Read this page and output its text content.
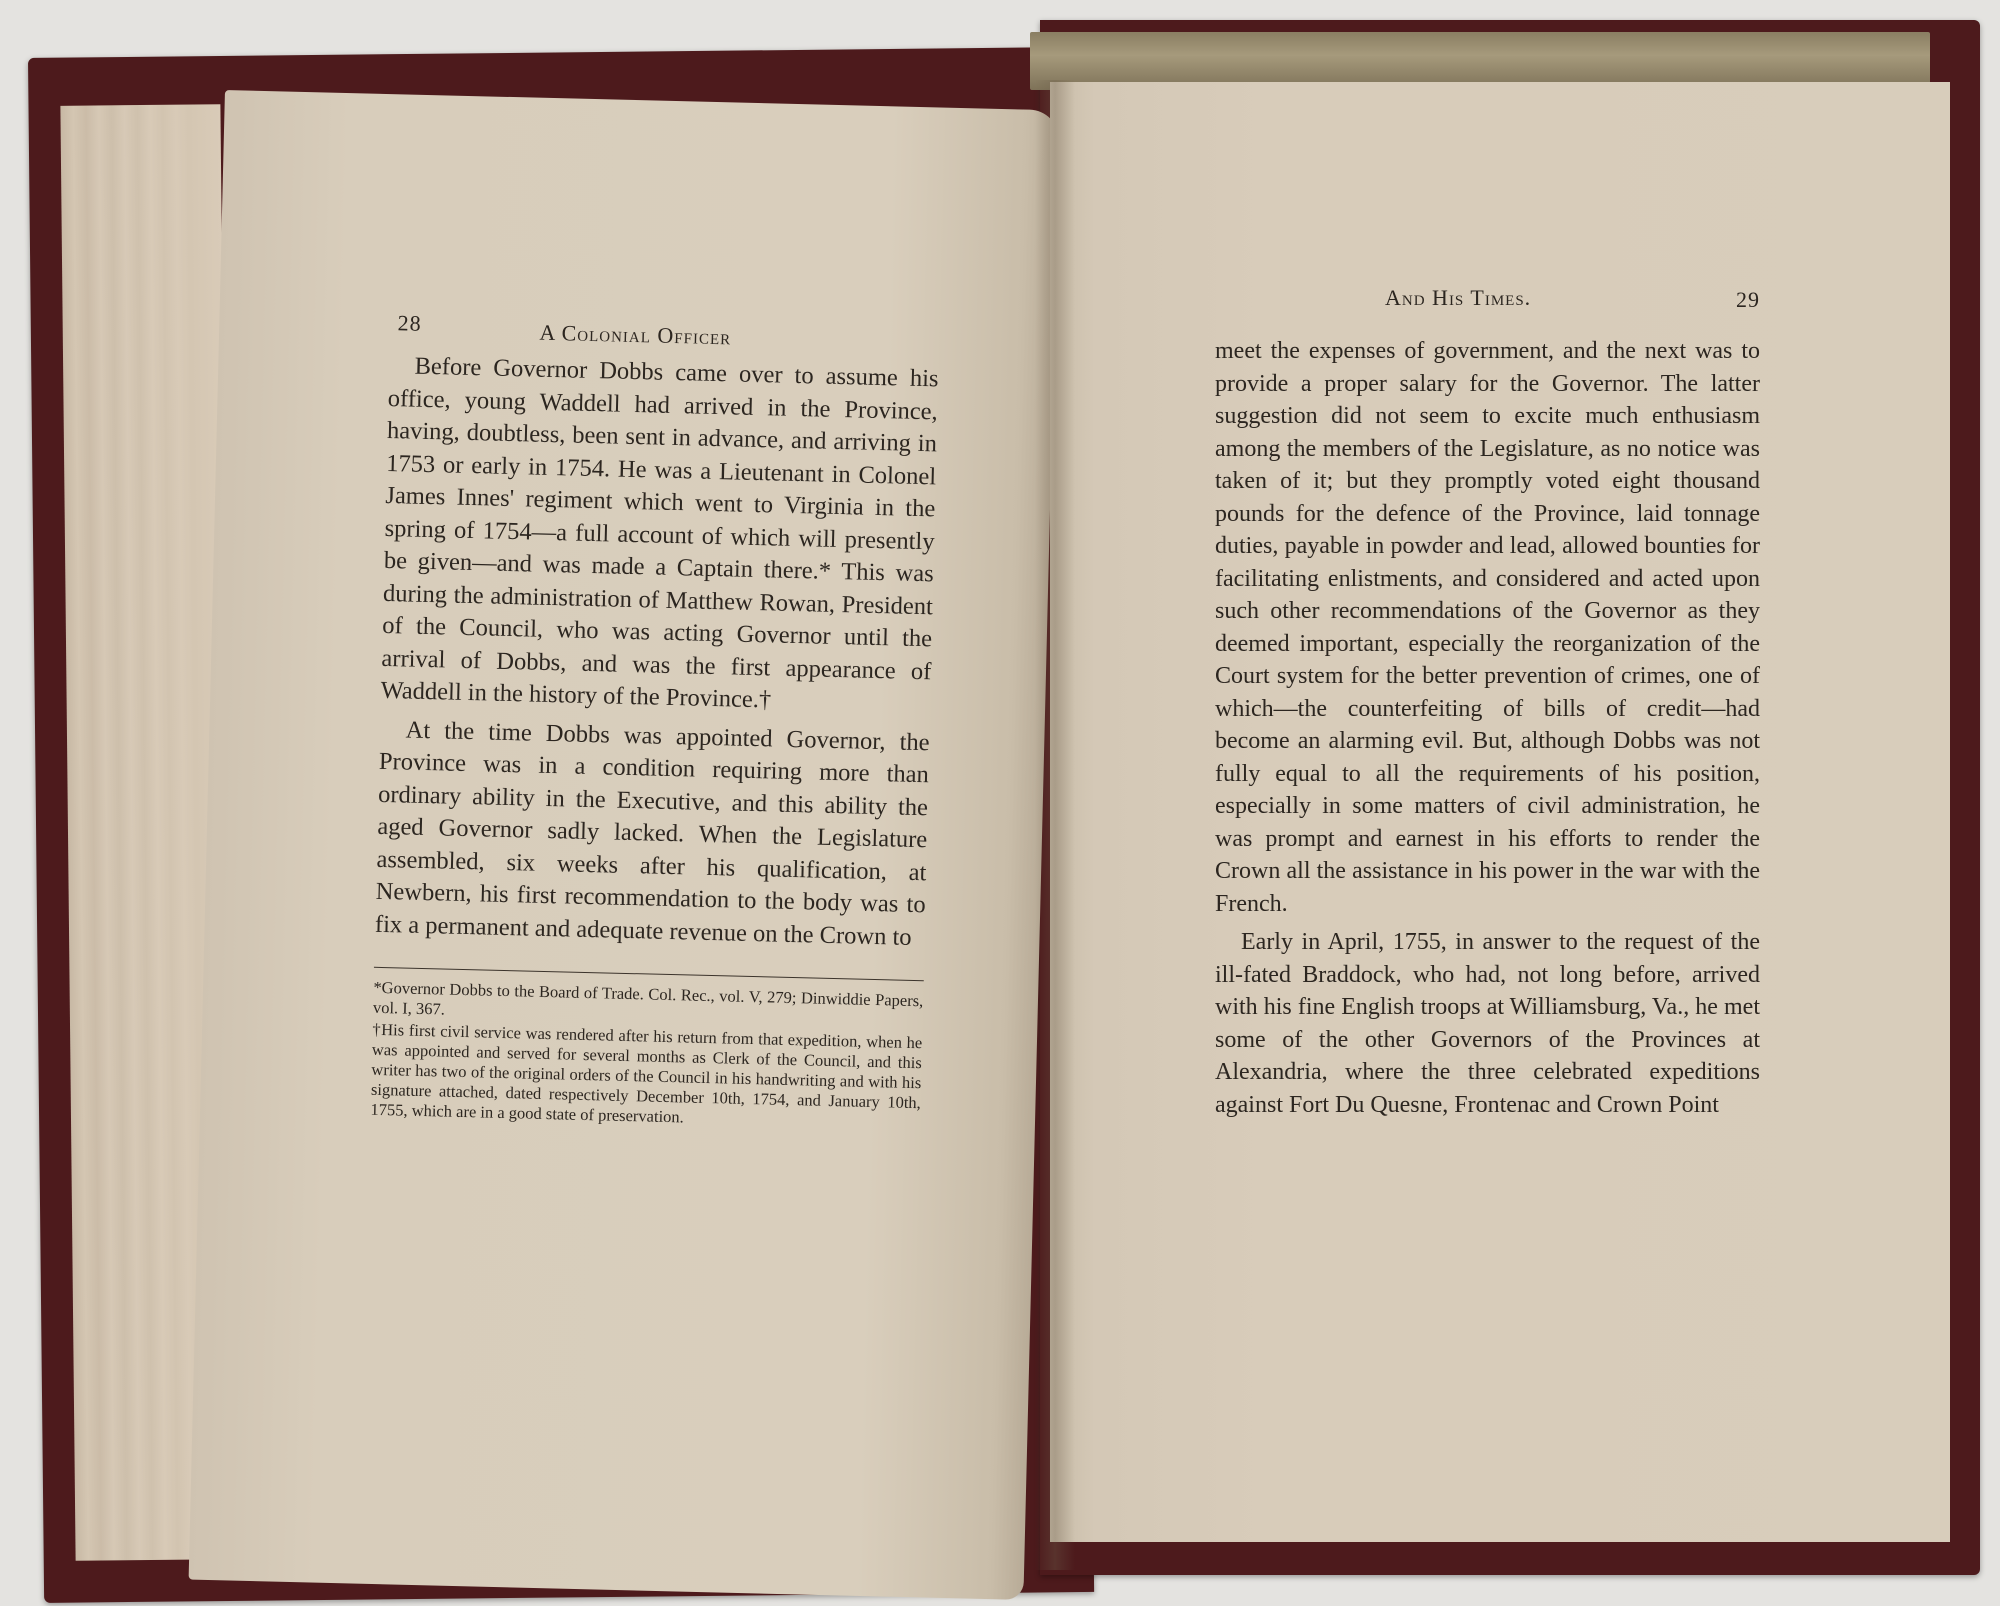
28	A Colonial Officer

Before Governor Dobbs came over to assume his office, young Waddell had arrived in the Province, having, doubtless, been sent in advance, and arriving in 1753 or early in 1754. He was a Lieutenant in Colonel James Innes' regiment which went to Virginia in the spring of 1754—a full account of which will presently be given—and was made a Captain there.* This was during the administration of Matthew Rowan, President of the Council, who was acting Governor until the arrival of Dobbs, and was the first appearance of Waddell in the history of the Province.†

At the time Dobbs was appointed Governor, the Province was in a condition requiring more than ordinary ability in the Executive, and this ability the aged Governor sadly lacked. When the Legislature assembled, six weeks after his qualification, at Newbern, his first recommendation to the body was to fix a permanent and adequate revenue on the Crown to

*Governor Dobbs to the Board of Trade. Col. Rec., vol. V, 279; Dinwiddie Papers, vol. I, 367.

†His first civil service was rendered after his return from that expedition, when he was appointed and served for several months as Clerk of the Council, and this writer has two of the original orders of the Council in his handwriting and with his signature attached, dated respectively December 10th, 1754, and January 10th, 1755, which are in a good state of preservation.

And His Times.	29

meet the expenses of government, and the next was to provide a proper salary for the Governor. The latter suggestion did not seem to excite much enthusiasm among the members of the Legislature, as no notice was taken of it; but they promptly voted eight thousand pounds for the defence of the Province, laid tonnage duties, payable in powder and lead, allowed bounties for facilitating enlistments, and considered and acted upon such other recommendations of the Governor as they deemed important, especially the reorganization of the Court system for the better prevention of crimes, one of which—the counterfeiting of bills of credit—had become an alarming evil. But, although Dobbs was not fully equal to all the requirements of his position, especially in some matters of civil administration, he was prompt and earnest in his efforts to render the Crown all the assistance in his power in the war with the French.

Early in April, 1755, in answer to the request of the ill-fated Braddock, who had, not long before, arrived with his fine English troops at Williamsburg, Va., he met some of the other Governors of the Provinces at Alexandria, where the three celebrated expeditions against Fort Du Quesne, Frontenac and Crown Point
